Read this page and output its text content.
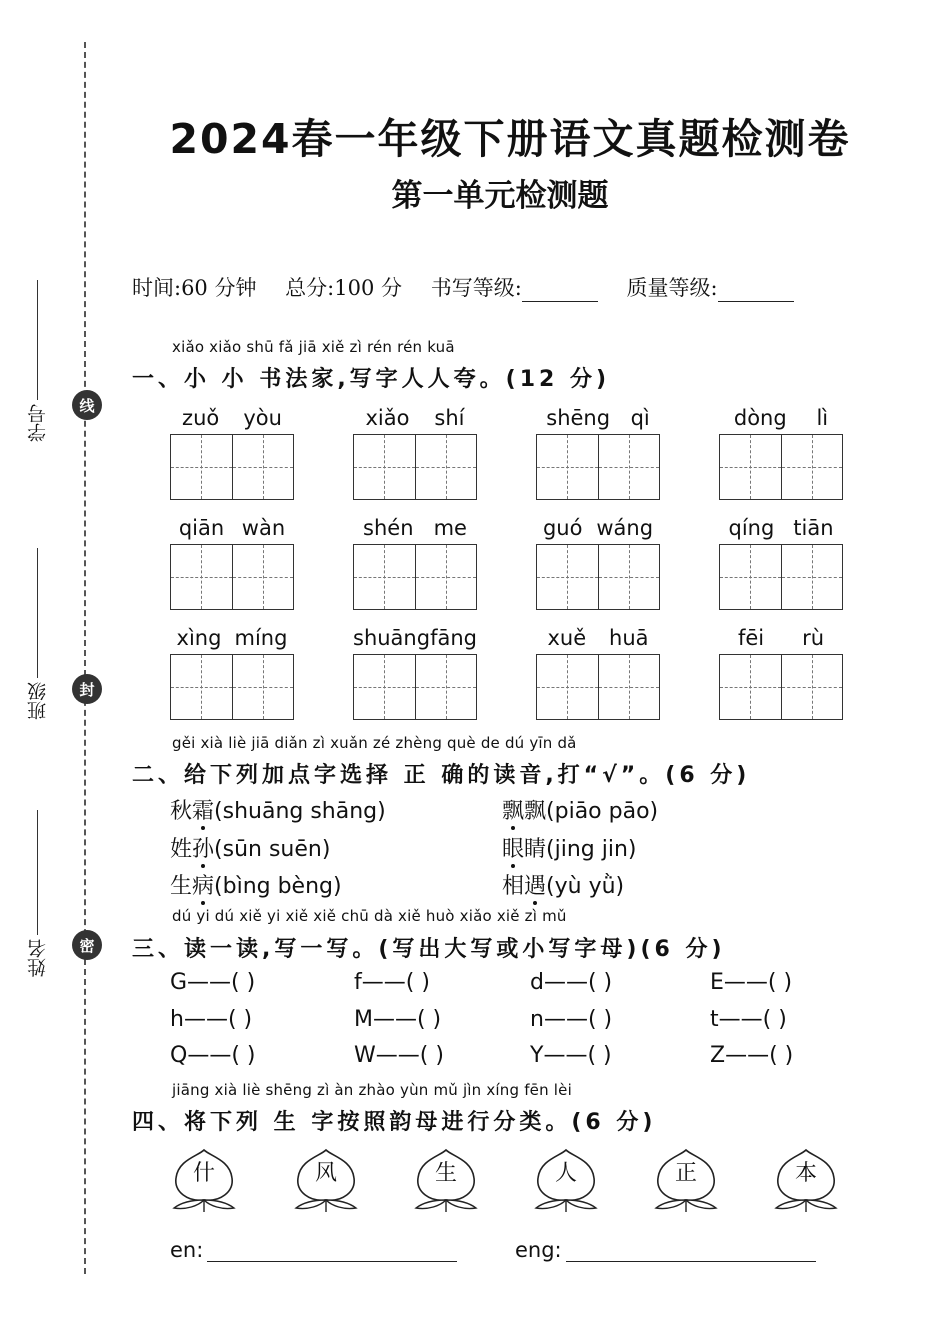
学号
班级
姓名
线
封
密
2024春一年级下册语文真题检测卷
第一单元检测题
时间:60 分钟 总分:100 分 书写等级:	质量等级:
xiǎo xiǎo shū fǎ jiā xiě zì rén rén kuā
一、小 小 书法家,写字人人夸。(12 分)
zuǒ yòu	xiǎo shí	shēng qì	dòng lì
qiān wàn	shén me	guó wáng	qíng tiān
xìng míng	shuāng fāng	xuě huā	fēi rù
gěi xià liè jiā diǎn zì xuǎn zé zhèng què de dú yīn dǎ
二、给下列加点字选择 正 确的读音,打“√”。(6 分)
秋霜(shuāng shāng)	飘飘(piāo pāo)
姓孙(sūn suēn)	眼睛(jing jin)
生病(bìng bèng)	相遇(yù yǜ)
dú yi dú xiě yi xiě xiě chū dà xiě huò xiǎo xiě zì mǔ
三、读一读,写一写。(写出大写或小写字母)(6 分)
G——( )	f——( )	d——( )	E——( )
h——( )	M——( )	n——( )	t——( )
Q——( )	W——( )	Y——( )	Z——( )
jiāng xià liè shēng zì àn zhào yùn mǔ jìn xíng fēn lèi
四、将下列 生 字按照韵母进行分类。(6 分)
什	风	生	人	正	本
en:	eng:
